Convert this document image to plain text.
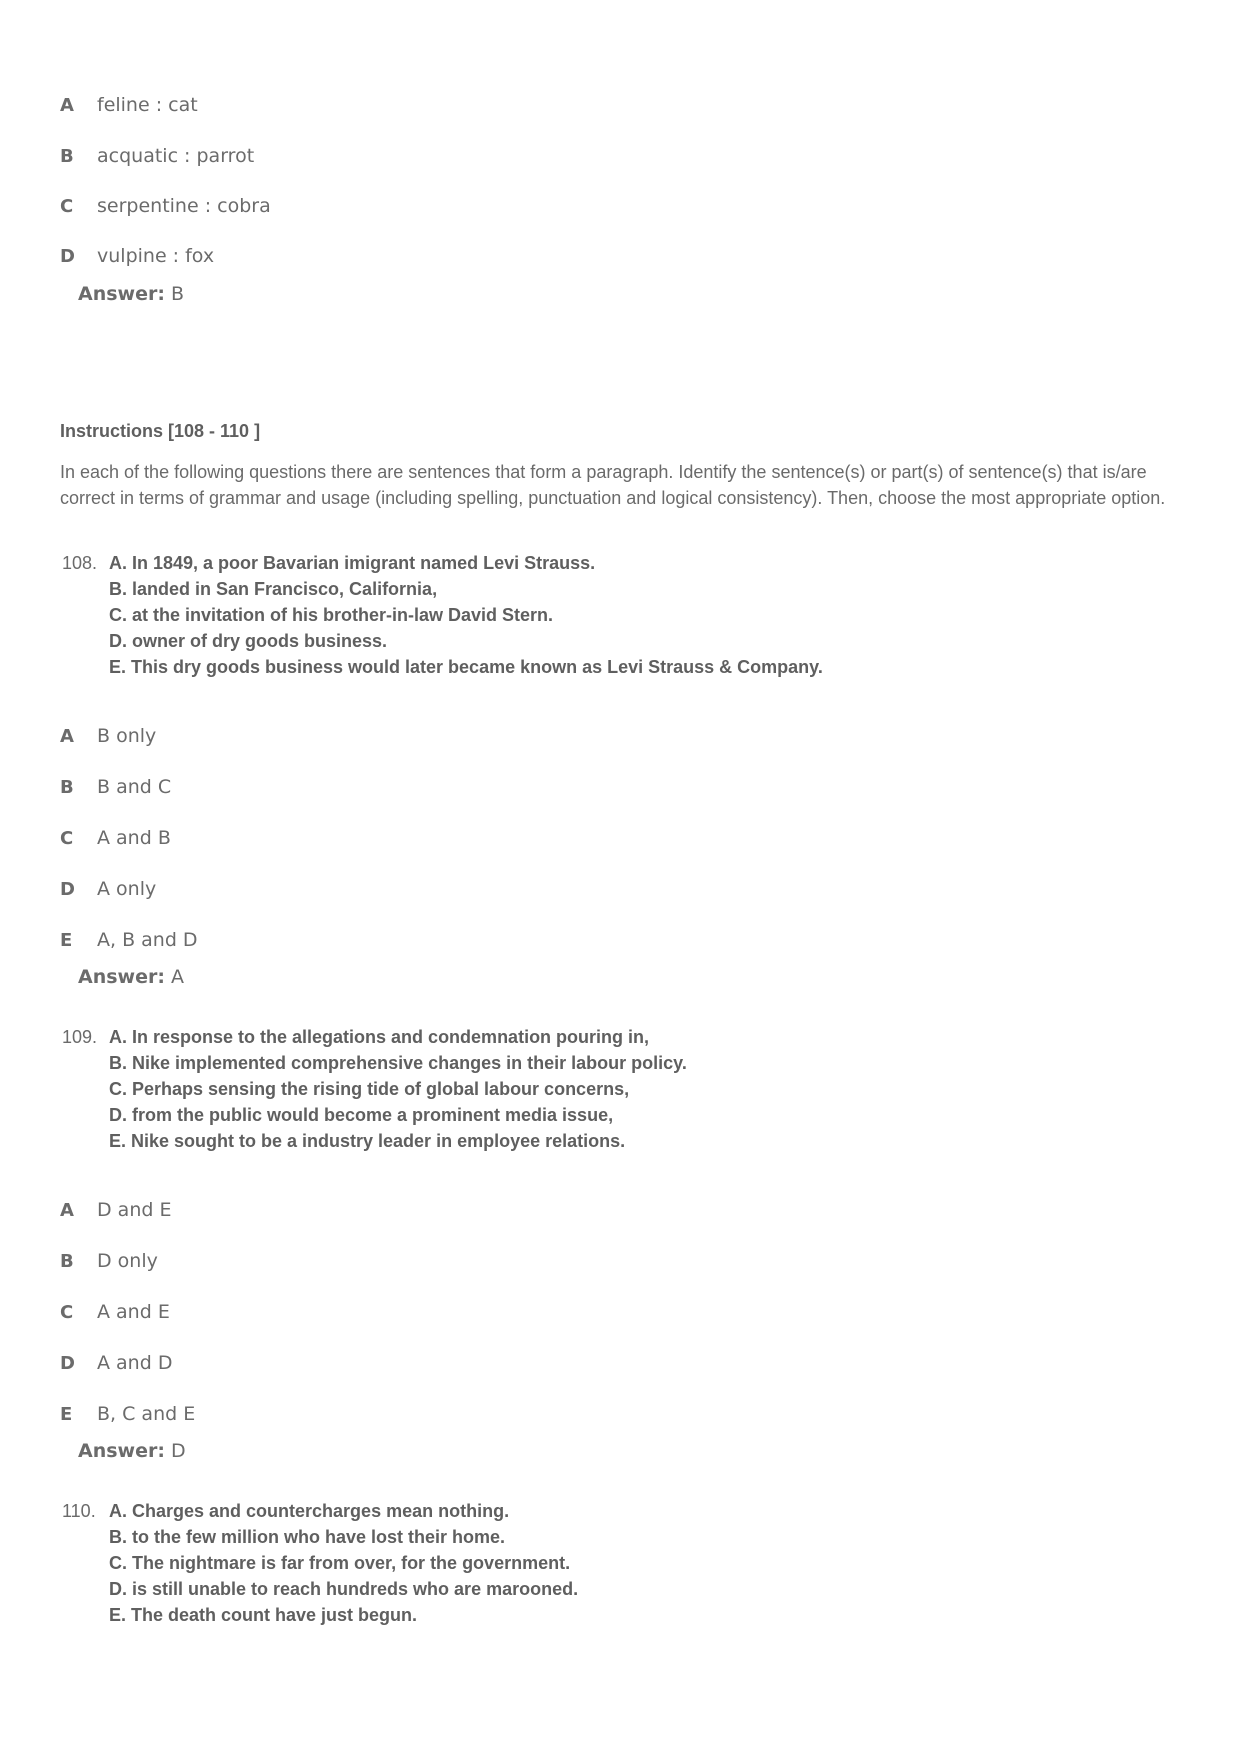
A	feline : cat
B	acquatic : parrot
C	serpentine : cobra
D	vulpine : fox
Answer: B
Instructions [108 - 110 ]
In each of the following questions there are sentences that form a paragraph. Identify the sentence(s) or part(s) of sentence(s) that is/are correct in terms of grammar and usage (including spelling, punctuation and logical consistency). Then, choose the most appropriate option.
108. A. In 1849, a poor Bavarian imigrant named Levi Strauss.
B. landed in San Francisco, California,
C. at the invitation of his brother-in-law David Stern.
D. owner of dry goods business.
E. This dry goods business would later became known as Levi Strauss & Company.
A	B only
B	B and C
C	A and B
D	A only
E	A, B and D
Answer: A
109. A. In response to the allegations and condemnation pouring in,
B. Nike implemented comprehensive changes in their labour policy.
C. Perhaps sensing the rising tide of global labour concerns,
D. from the public would become a prominent media issue,
E. Nike sought to be a industry leader in employee relations.
A	D and E
B	D only
C	A and E
D	A and D
E	B, C and E
Answer: D
110. A. Charges and countercharges mean nothing.
B. to the few million who have lost their home.
C. The nightmare is far from over, for the government.
D. is still unable to reach hundreds who are marooned.
E. The death count have just begun.
